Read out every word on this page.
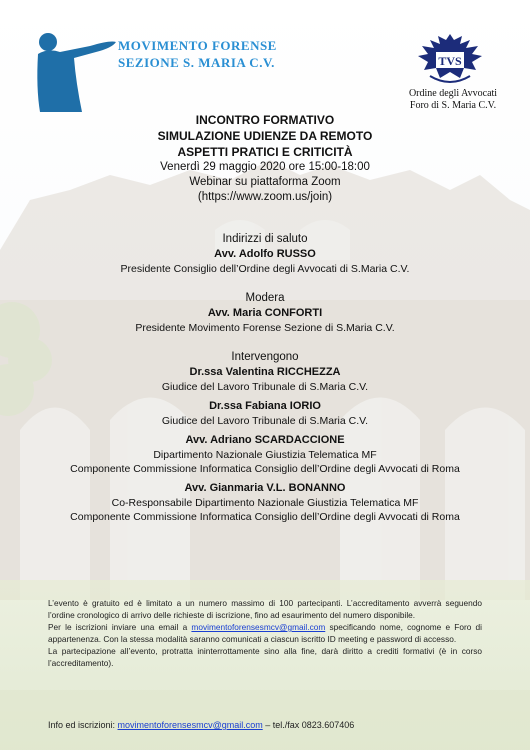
MOVIMENTO FORENSE
SEZIONE S. MARIA C.V.	TVS
Ordine degli Avvocati
Foro di S. Maria C.V.
INCONTRO FORMATIVO
SIMULAZIONE UDIENZE DA REMOTO
ASPETTI PRATICI E CRITICITÀ
Venerdì 29 maggio 2020 ore 15:00-18:00
Webinar su piattaforma Zoom
(https://www.zoom.us/join)
Indirizzi di saluto
Avv. Adolfo RUSSO
Presidente Consiglio dell’Ordine degli Avvocati di S.Maria C.V.
Modera
Avv. Maria CONFORTI
Presidente Movimento Forense Sezione di S.Maria C.V.
Intervengono
Dr.ssa Valentina RICCHEZZA
Giudice del Lavoro Tribunale di S.Maria C.V.
Dr.ssa Fabiana IORIO
Giudice del Lavoro Tribunale di S.Maria C.V.
Avv. Adriano SCARDACCIONE
Dipartimento Nazionale Giustizia Telematica MF
Componente Commissione Informatica Consiglio dell’Ordine degli Avvocati di Roma
Avv. Gianmaria V.L. BONANNO
Co-Responsabile Dipartimento Nazionale Giustizia Telematica MF
Componente Commissione Informatica Consiglio dell’Ordine degli Avvocati di Roma

L’evento è gratuito ed è limitato a un numero massimo di 100 partecipanti. L’accreditamento avverrà seguendo l’ordine cronologico di arrivo delle richieste di iscrizione, fino ad esaurimento del numero disponibile.

Per le iscrizioni inviare una email a movimentoforensesmcv@gmail.com specificando nome, cognome e Foro di appartenenza. Con la stessa modalità saranno comunicati a ciascun iscritto ID meeting e password di accesso.

La partecipazione all’evento, protratta ininterrottamente sino alla fine, darà diritto a crediti formativi (è in corso l’accreditamento).

Info ed iscrizioni: movimentoforensesmcv@gmail.com – tel./fax 0823.607406
